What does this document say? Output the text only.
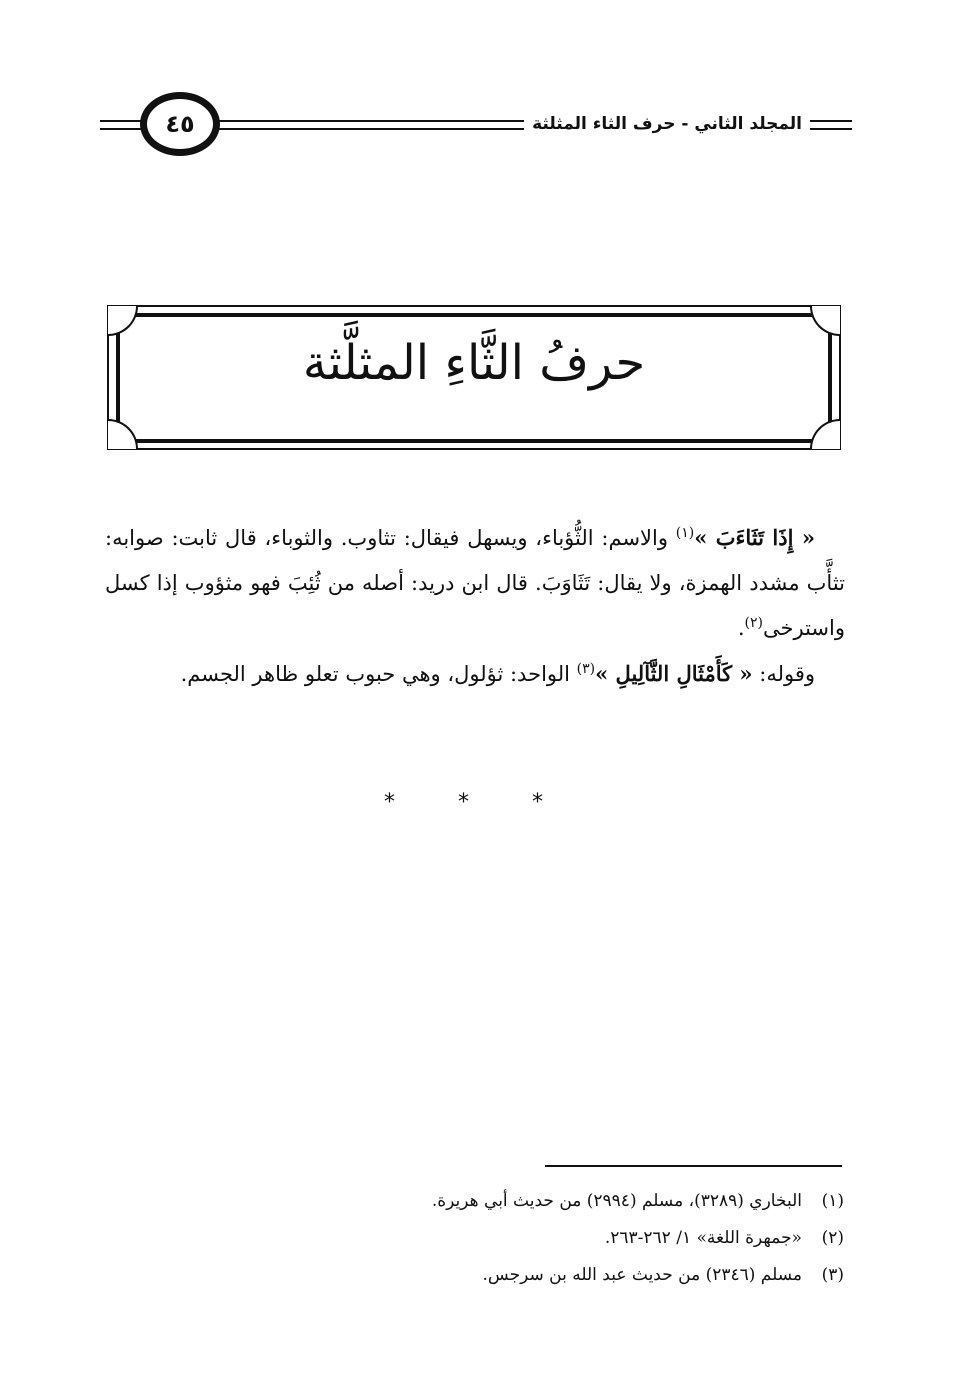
٤٥	المجلد الثاني - حرف الثاء المثلثة
حرفُ الثَّاءِ المثلَّثة

« إِذَا تَثَاءَبَ »$^{(١)}$ والاسم: الثُّؤباء، ويسهل فيقال: تثاوب. والثوباء، قال ثابت: صوابه: تثأَّب مشدد الهمزة، ولا يقال: تَثَاوَبَ. قال ابن دريد: أصله من ثُئِبَ فهو مثؤوب إذا كسل واسترخى$^{(٢)}$.

وقوله: « كَأَمْثَالِ الثَّآلِيلِ »$^{(٣)}$ الواحد: ثؤلول، وهي حبوب تعلو ظاهر الجسم.

* * *
(١)
البخاري (٣٢٨٩)، مسلم (٢٩٩٤) من حديث أبي هريرة.
(٢)
«جمهرة اللغة» ١/ ٢٦٢-٢٦٣.
(٣)
مسلم (٢٣٤٦) من حديث عبد الله بن سرجس.
